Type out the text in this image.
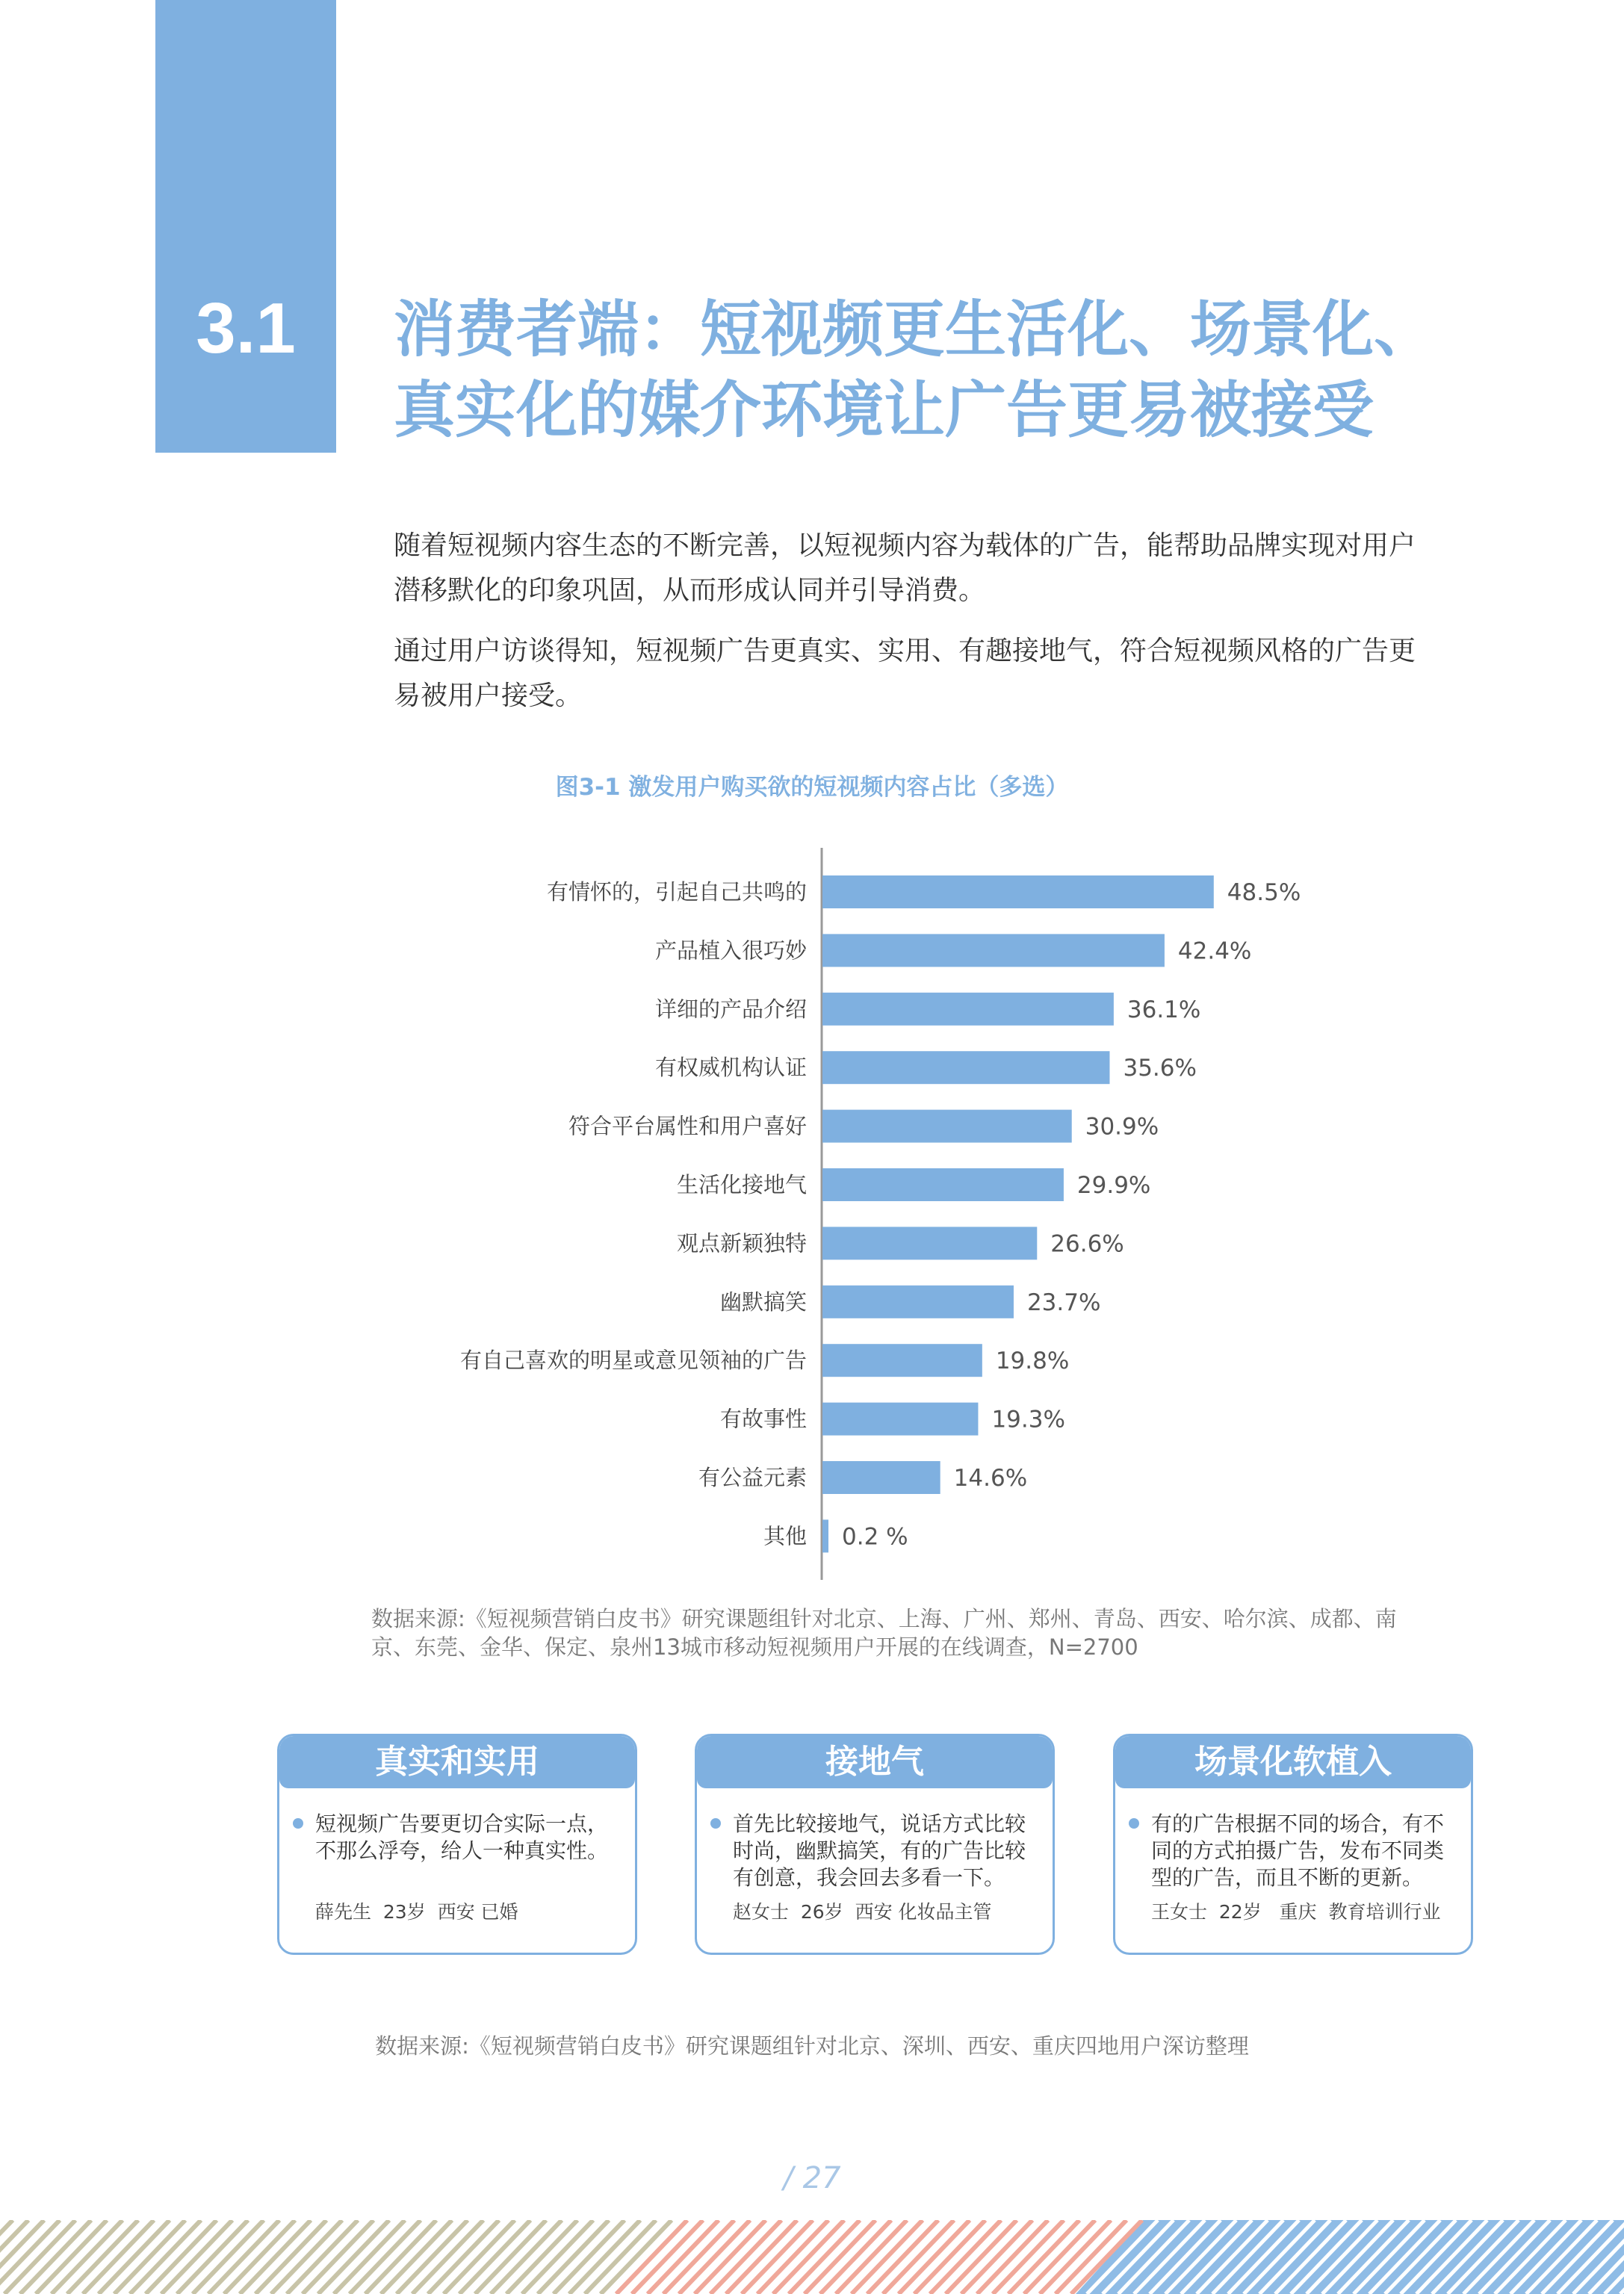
3.1	消费者端：短视频更生活化、场景化、
真实化的媒介环境让广告更易被接受
随着短视频内容生态的不断完善，以短视频内容为载体的广告，能帮助品牌实现对用户潜移默化的印象巩固，从而形成认同并引导消费。
通过用户访谈得知，短视频广告更真实、实用、有趣接地气，符合短视频风格的广告更易被用户接受。
图3-1 激发用户购买欲的短视频内容占比（多选）
有情怀的，引起自己共鸣的	48.5%
产品植入很巧妙	42.4%
详细的产品介绍	36.1%
有权威机构认证	35.6%
符合平台属性和用户喜好	30.9%
生活化接地气	29.9%
观点新颖独特	26.6%
幽默搞笑	23.7%
有自己喜欢的明星或意见领袖的广告	19.8%
有故事性	19.3%
有公益元素	14.6%
其他 0.2 %
数据来源:《短视频营销白皮书》研究课题组针对北京、上海、广州、郑州、青岛、西安、哈尔滨、成都、南京、东莞、金华、保定、泉州13城市移动短视频用户开展的在线调查，N=2700
真实和实用
短视频广告要更切合实际一点，不那么浮夸，给人一种真实性。
薛先生  23岁  西安 已婚
接地气
首先比较接地气，说话方式比较时尚，幽默搞笑，有的广告比较有创意，我会回去多看一下。
赵女士  26岁  西安 化妆品主管
场景化软植入
有的广告根据不同的场合，有不同的方式拍摄广告，发布不同类型的广告，而且不断的更新。
王女士  22岁   重庆  教育培训行业
数据来源:《短视频营销白皮书》研究课题组针对北京、深圳、西安、重庆四地用户深访整理
/ 27
